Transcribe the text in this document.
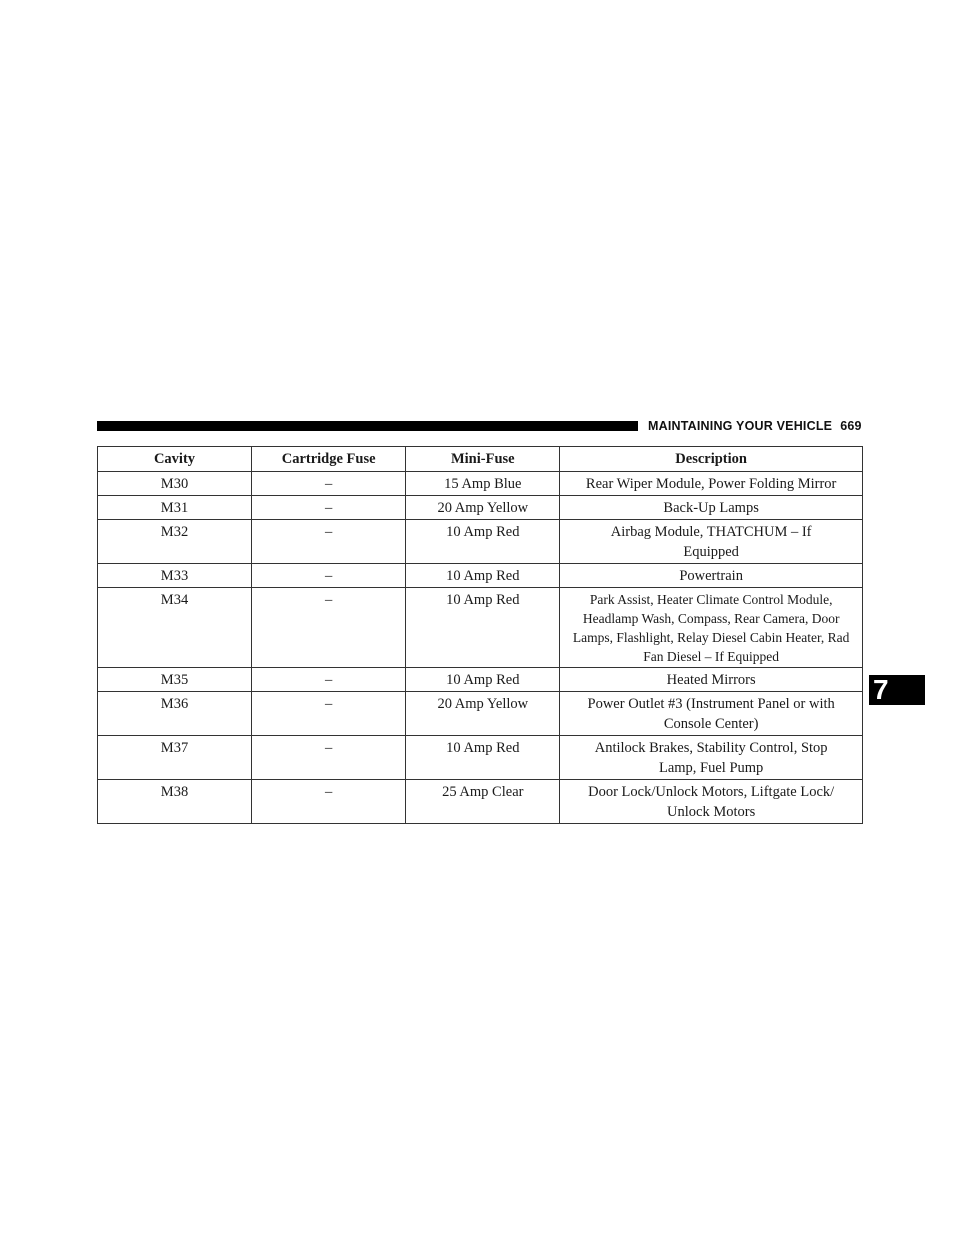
MAINTAINING YOUR VEHICLE 669
7
Cavity	Cartridge Fuse	Mini-Fuse	Description
M30	–	15 Amp Blue	Rear Wiper Module, Power Folding Mirror
M31	–	20 Amp Yellow	Back-Up Lamps
M32	–	10 Amp Red	Airbag Module, THATCHUM – If Equipped
M33	–	10 Amp Red	Powertrain
M34	–	10 Amp Red	Park Assist, Heater Climate Control Module, Headlamp Wash, Compass, Rear Camera, Door Lamps, Flashlight, Relay Diesel Cabin Heater, Rad Fan Diesel – If Equipped
M35	–	10 Amp Red	Heated Mirrors
M36	–	20 Amp Yellow	Power Outlet #3 (Instrument Panel or with Console Center)
M37	–	10 Amp Red	Antilock Brakes, Stability Control, Stop Lamp, Fuel Pump
M38	–	25 Amp Clear	Door Lock/Unlock Motors, Liftgate Lock/ Unlock Motors
